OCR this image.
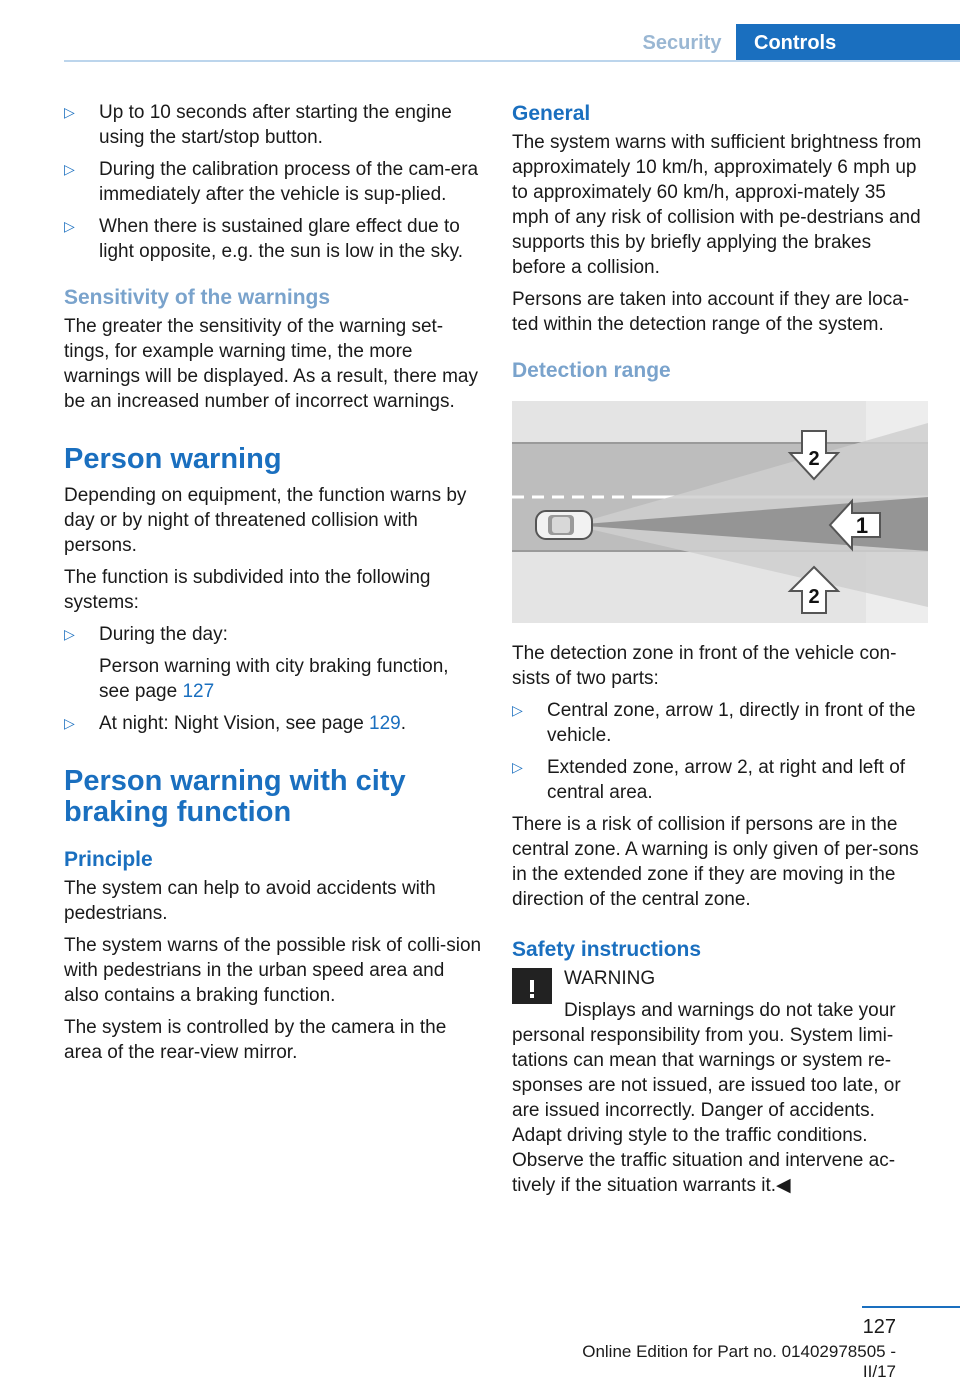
Security	Controls
▷ Up to 10 seconds after starting the engine using the start/stop button.
▷ During the calibration process of the cam‐era immediately after the vehicle is sup‐plied.
▷ When there is sustained glare effect due to light opposite, e.g. the sun is low in the sky.
Sensitivity of the warnings

The greater the sensitivity of the warning set‐tings, for example warning time, the more warnings will be displayed. As a result, there may be an increased number of incorrect warnings.

Person warning

Depending on equipment, the function warns by day or by night of threatened collision with persons.

The function is subdivided into the following systems:

▷ During the day:
Person warning with city braking function, see page 127
▷ At night: Night Vision, see page 129.
Person warning with city braking function
Principle

The system can help to avoid accidents with pedestrians.

The system warns of the possible risk of colli‐sion with pedestrians in the urban speed area and also contains a braking function.

The system is controlled by the camera in the area of the rear-view mirror.

General

The system warns with sufficient brightness from approximately 10 km/h, approximately 6 mph up to approximately 60 km/h, approxi‐mately 35 mph of any risk of collision with pe‐destrians and supports this by briefly applying the brakes before a collision.

Persons are taken into account if they are loca‐ted within the detection range of the system.

Detection range
1
2
2

The detection zone in front of the vehicle con‐sists of two parts:

▷ Central zone, arrow 1, directly in front of the vehicle.
▷ Extended zone, arrow 2, at right and left of central area.

There is a risk of collision if persons are in the central zone. A warning is only given of per‐sons in the extended zone if they are moving in the direction of the central zone.

Safety instructions
WARNING

Displays and warnings do not take your personal responsibility from you. System limi‐tations can mean that warnings or system re‐sponses are not issued, are issued too late, or are issued incorrectly. Danger of accidents. Adapt driving style to the traffic conditions. Observe the traffic situation and intervene ac‐tively if the situation warrants it.◀

127
Online Edition for Part no. 01402978505 - II/17
